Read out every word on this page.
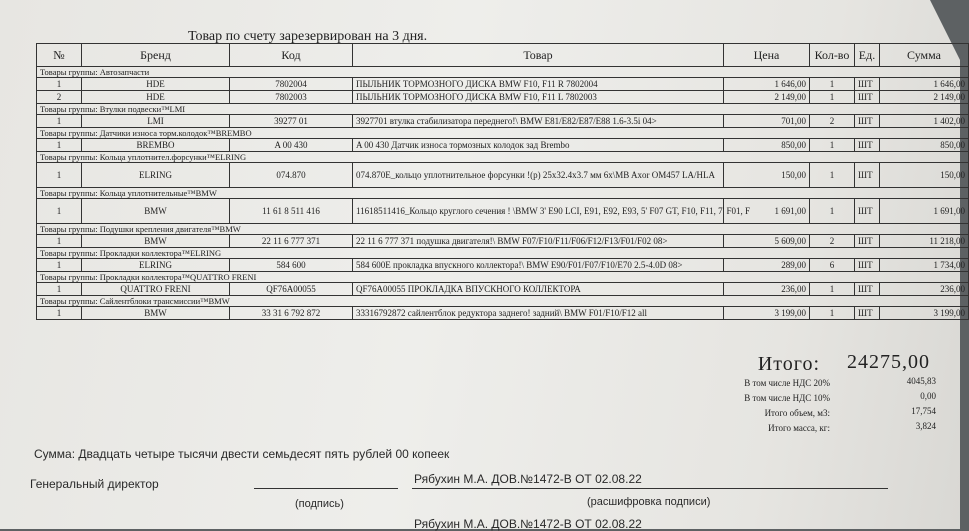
Товар по счету зарезервирован на 3 дня.
№	Бренд	Код	Товар	Цена	Кол-во	Ед.	Сумма
Товары группы: Автозапчасти							
1	HDE	7802004	ПЫЛЬНИК ТОРМОЗНОГО ДИСКА BMW F10, F11 R 7802004	1 646,00	1	ШТ	1 646,00
2	HDE	7802003	ПЫЛЬНИК ТОРМОЗНОГО ДИСКА BMW F10, F11 L 7802003	2 149,00	1	ШТ	2 149,00
Товары группы: Втулки подвески™LMI							
1	LMI	39277 01	3927701 втулка стабилизатора переднего!\ BMW E81/E82/E87/E88 1.6-3.5i 04>	701,00	2	ШТ	1 402,00
Товары группы: Датчики износа торм.колодок™BREMBO							
1	BREMBO	A 00 430	A 00 430 Датчик износа тормозных колодок зад Brembo	850,00	1	ШТ	850,00
Товары группы: Кольца уплотнител.форсунки™ELRING							
1	ELRING	074.870	074.870E_кольцо уплотнительное форсунки !(р) 25x32.4x3.7 мм 6x\MB Axor OM457 LA/HLA	150,00	1	ШТ	150,00
Товары группы: Кольца уплотнительные™BMW							
1	BMW	11 61 8 511 416	11618511416_Кольцо круглого сечения ! \BMW 3' E90 LCI, E91, E92, E93, 5' F07 GT, F10, F11, 7' F01, F	1 691,00	1	ШТ	1 691,00
Товары группы: Подушки крепления двигателя™BMW							
1	BMW	22 11 6 777 371	22 11 6 777 371 подушка двигателя!\ BMW F07/F10/F11/F06/F12/F13/F01/F02 08>	5 609,00	2	ШТ	11 218,00
Товары группы: Прокладки коллектора™ELRING							
1	ELRING	584 600	584 600E прокладка впускного коллектора!\ BMW E90/F01/F07/F10/E70 2.5-4.0D 08>	289,00	6	ШТ	1 734,00
Товары группы: Прокладки коллектора™QUATTRO FRENI							
1	QUATTRO FRENI	QF76A00055	QF76A00055 ПРОКЛАДКА ВПУСКНОГО КОЛЛЕКТОРА	236,00	1	ШТ	236,00
Товары группы: Сайлентблоки трансмиссии™BMW							
1	BMW	33 31 6 792 872	33316792872 сайлентблок редуктора заднего! задний\ BMW F01/F10/F12 all	3 199,00	1	ШТ	3 199,00
Итого:	24275,00
В том числе НДС 20%	4045,83
В том числе НДС 10%	0,00
Итого объем, м3:	17,754
Итого масса, кг:	3,824
Сумма: Двадцать четыре тысячи двести семьдесят пять рублей 00 копеек
Генеральный директор	Рябухин М.А. ДОВ.№1472-В ОТ 02.08.22
(подпись)	(расшифровка подписи)
Рябухин М.А. ДОВ.№1472-В ОТ 02.08.22
